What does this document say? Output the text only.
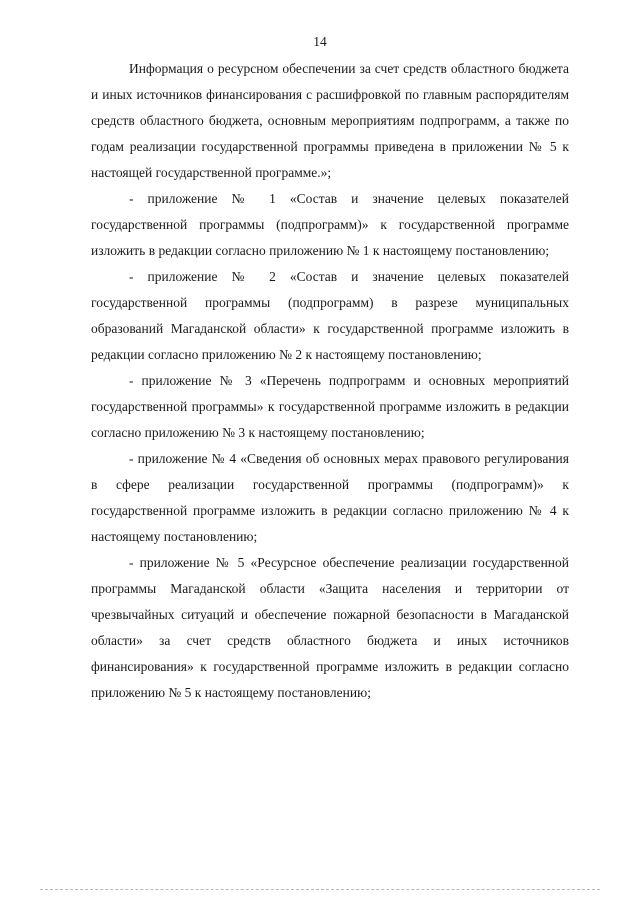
14

Информация о ресурсном обеспечении за счет средств областного бюджета и иных источников финансирования с расшифровкой по главным распорядителям средств областного бюджета, основным мероприятиям подпрограмм, а также по годам реализации государственной программы приведена в приложении № 5 к настоящей государственной программе.»;

- приложение № 1 «Состав и значение целевых показателей государственной программы (подпрограмм)» к государственной программе изложить в редакции согласно приложению № 1 к настоящему постановлению;

- приложение № 2 «Состав и значение целевых показателей государственной программы (подпрограмм) в разрезе муниципальных образований Магаданской области» к государственной программе изложить в редакции согласно приложению № 2 к настоящему постановлению;

- приложение № 3 «Перечень подпрограмм и основных мероприятий государственной программы» к государственной программе изложить в редакции согласно приложению № 3 к настоящему постановлению;

- приложение № 4 «Сведения об основных мерах правового регулирования в сфере реализации государственной программы (подпрограмм)» к государственной программе изложить в редакции согласно приложению № 4 к настоящему постановлению;

- приложение № 5 «Ресурсное обеспечение реализации государственной программы Магаданской области «Защита населения и территории от чрезвычайных ситуаций и обеспечение пожарной безопасности в Магаданской области» за счет средств областного бюджета и иных источников финансирования» к государственной программе изложить в редакции согласно приложению № 5 к настоящему постановлению;
